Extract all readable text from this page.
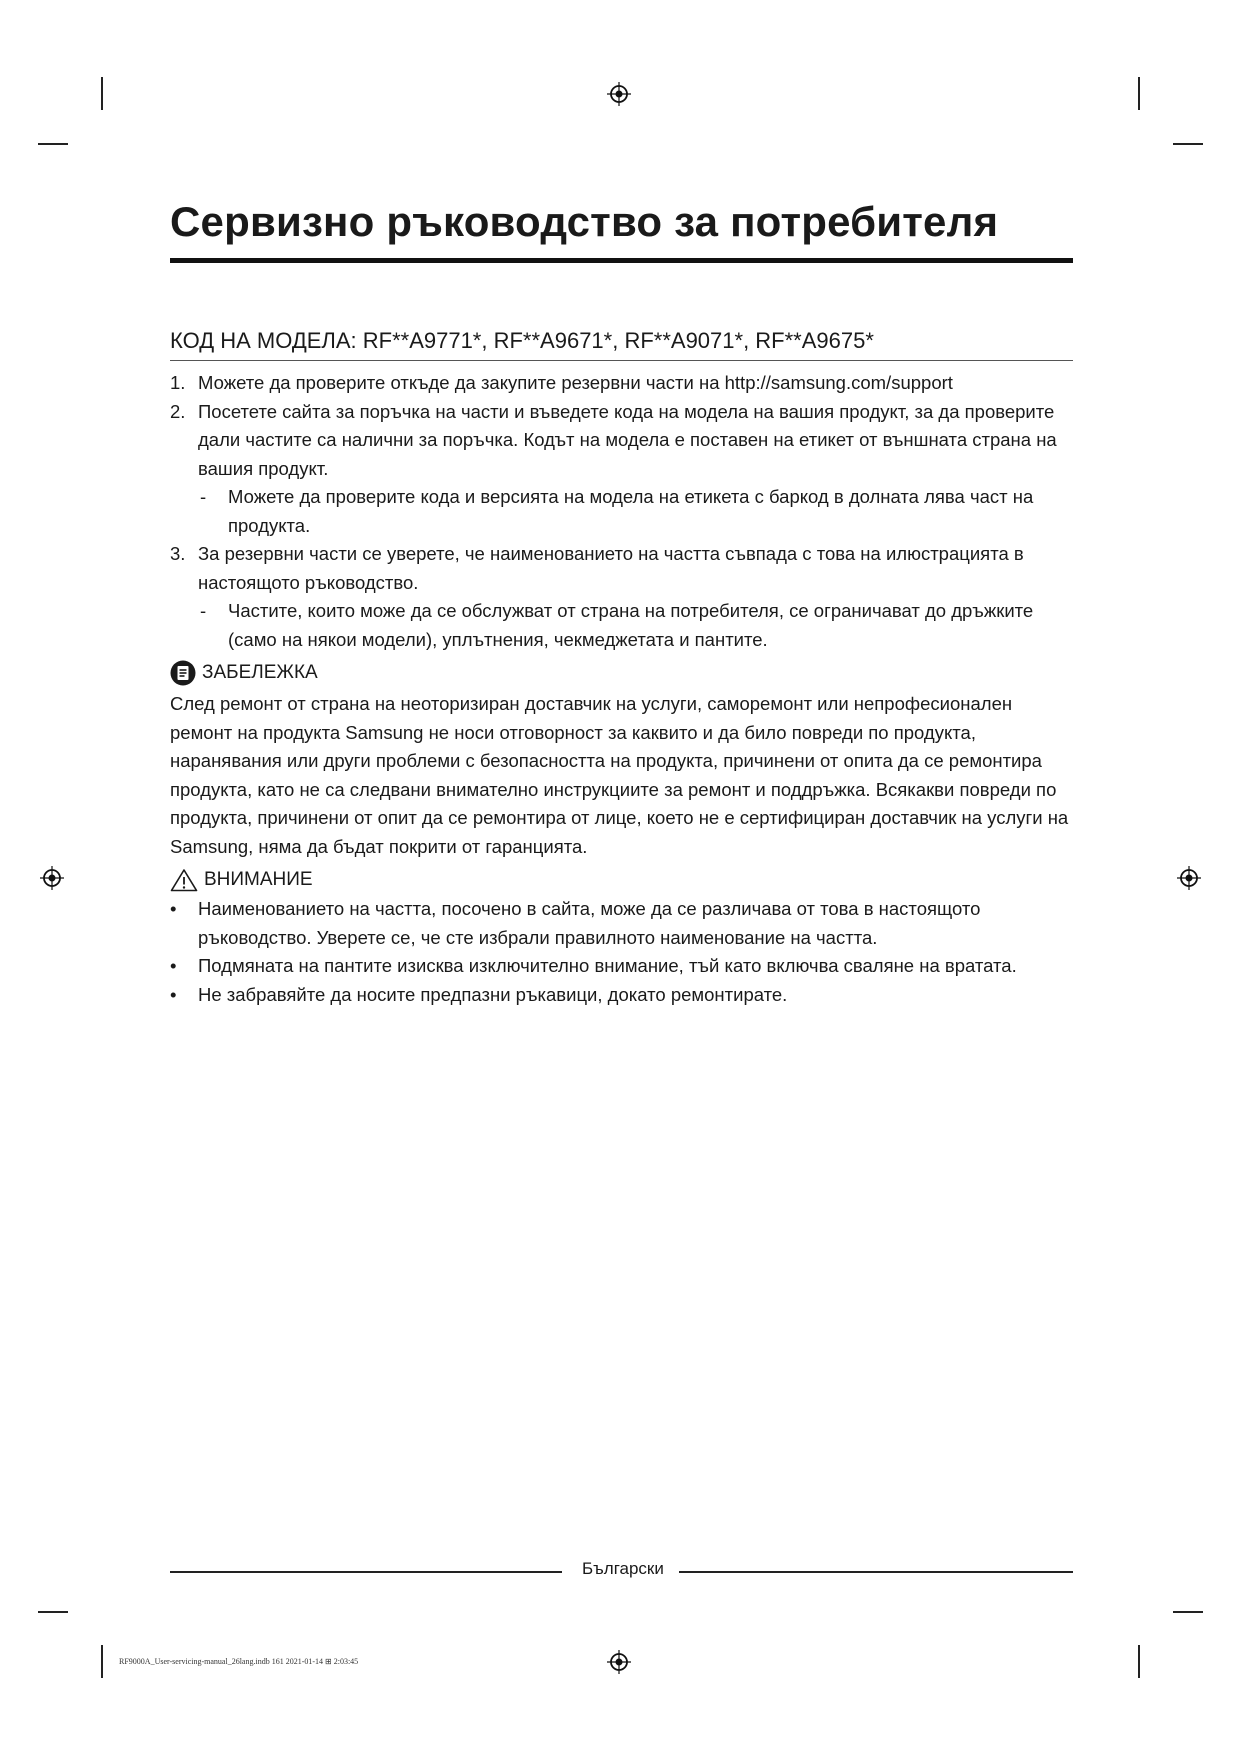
Сервизно ръководство за потребителя
КОД НА МОДЕЛА: RF**A9771*, RF**A9671*, RF**A9071*, RF**A9675*
1. Можете да проверите откъде да закупите резервни части на http://samsung.com/support
2. Посетете сайта за поръчка на части и въведете кода на модела на вашия продукт, за да проверите дали частите са налични за поръчка. Кодът на модела е поставен на етикет от външната страна на вашия продукт.
- Можете да проверите кода и версията на модела на етикета с баркод в долната лява част на продукта.
3. За резервни части се уверете, че наименованието на частта съвпада с това на илюстрацията в настоящото ръководство.
- Частите, които може да се обслужват от страна на потребителя, се ограничават до дръжките (само на някои модели), уплътнения, чекмеджетата и пантите.
ЗАБЕЛЕЖКА
След ремонт от страна на неоторизиран доставчик на услуги, саморемонт или непрофесионален ремонт на продукта Samsung не носи отговорност за каквито и да било повреди по продукта, наранявания или други проблеми с безопасността на продукта, причинени от опита да се ремонтира продукта, като не са следвани внимателно инструкциите за ремонт и поддръжка. Всякакви повреди по продукта, причинени от опит да се ремонтира от лице, което не е сертифициран доставчик на услуги на Samsung, няма да бъдат покрити от гаранцията.
ВНИМАНИЕ
• Наименованието на частта, посочено в сайта, може да се различава от това в настоящото ръководство. Уверете се, че сте избрали правилното наименование на частта.
• Подмяната на пантите изисква изключително внимание, тъй като включва сваляне на вратата.
• Не забравяйте да носите предпазни ръкавици, докато ремонтирате.
Български
RF9000A_User-servicing-manual_26lang.indb 161 2021-01-14 ⊞ 2:03:45
